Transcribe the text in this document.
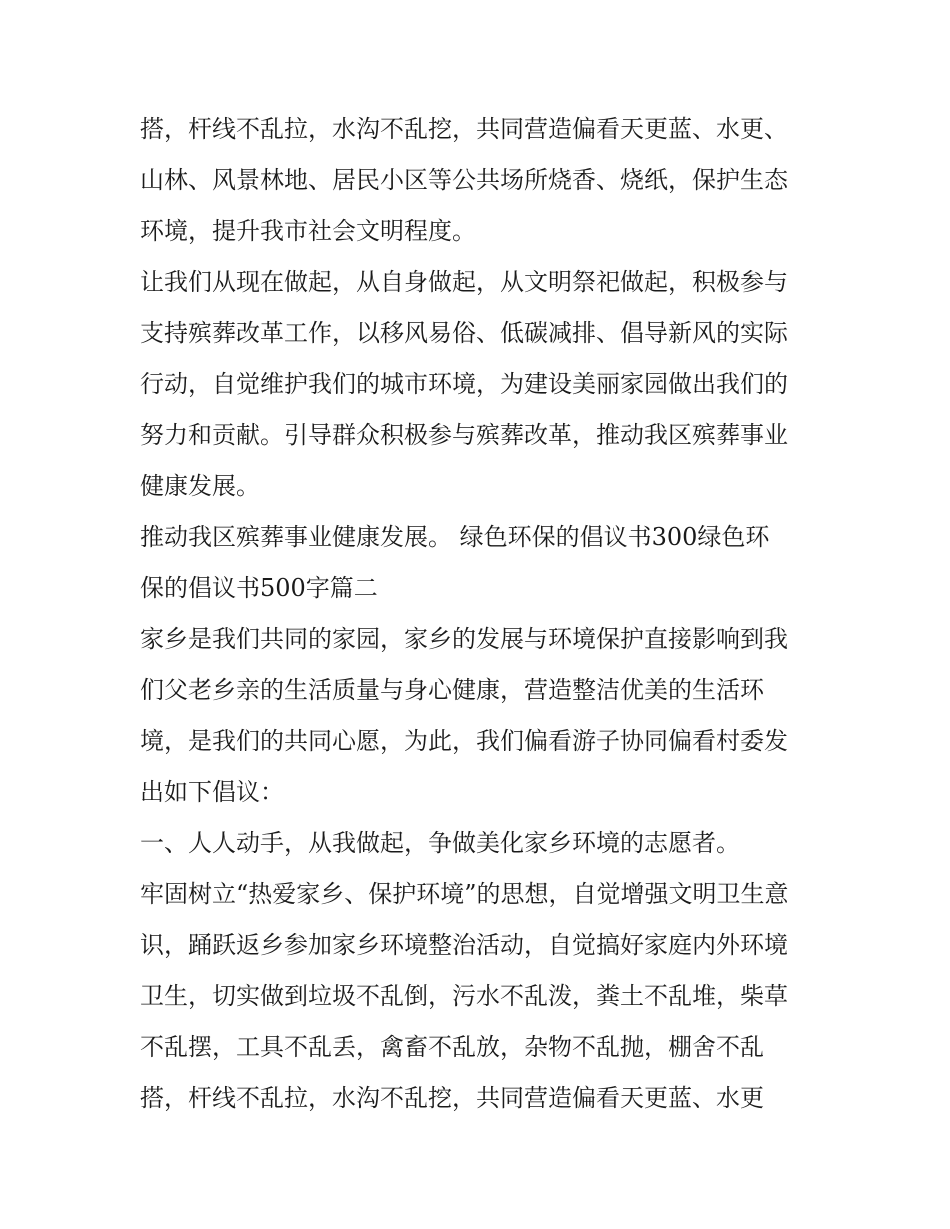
搭，杆线不乱拉，水沟不乱挖，共同营造偏看天更蓝、水更、
山林、风景林地、居民小区等公共场所烧香、烧纸，保护生态
环境，提升我市社会文明程度。
让我们从现在做起，从自身做起，从文明祭祀做起，积极参与
支持殡葬改革工作，以移风易俗、低碳减排、倡导新风的实际
行动，自觉维护我们的城市环境，为建设美丽家园做出我们的
努力和贡献。引导群众积极参与殡葬改革，推动我区殡葬事业
健康发展。
推动我区殡葬事业健康发展。 绿色环保的倡议书300绿色环
保的倡议书500字篇二
家乡是我们共同的家园，家乡的发展与环境保护直接影响到我
们父老乡亲的生活质量与身心健康，营造整洁优美的生活环
境，是我们的共同心愿，为此，我们偏看游子协同偏看村委发
出如下倡议：
一、人人动手，从我做起，争做美化家乡环境的志愿者。
牢固树立“热爱家乡、保护环境”的思想，自觉增强文明卫生意
识，踊跃返乡参加家乡环境整治活动，自觉搞好家庭内外环境
卫生，切实做到垃圾不乱倒，污水不乱泼，粪土不乱堆，柴草
不乱摆，工具不乱丢，禽畜不乱放，杂物不乱抛，棚舍不乱
搭，杆线不乱拉，水沟不乱挖，共同营造偏看天更蓝、水更
